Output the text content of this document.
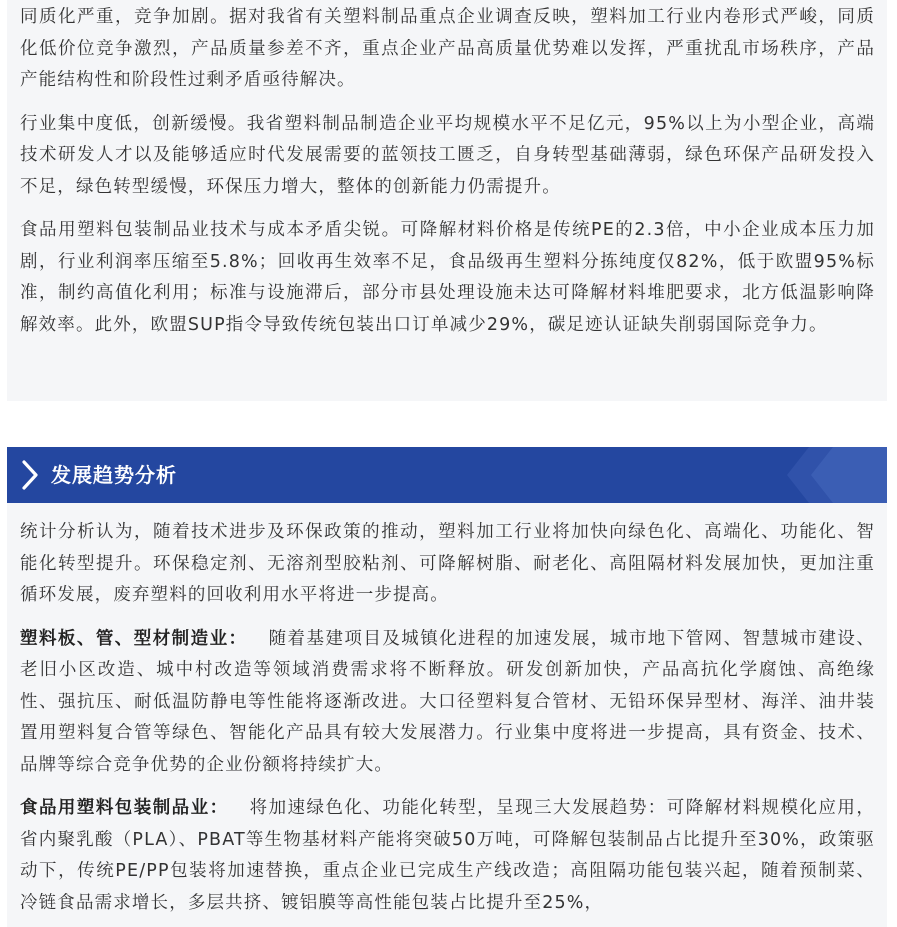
同质化严重，竞争加剧。据对我省有关塑料制品重点企业调查反映，塑料加工行业内卷形式严峻，同质化低价位竞争激烈，产品质量参差不齐，重点企业产品高质量优势难以发挥，严重扰乱市场秩序，产品产能结构性和阶段性过剩矛盾亟待解决。

行业集中度低，创新缓慢。我省塑料制品制造企业平均规模水平不足亿元，95%以上为小型企业，高端技术研发人才以及能够适应时代发展需要的蓝领技工匮乏，自身转型基础薄弱，绿色环保产品研发投入不足，绿色转型缓慢，环保压力增大，整体的创新能力仍需提升。

食品用塑料包装制品业技术与成本矛盾尖锐。可降解材料价格是传统PE的2.3倍，中小企业成本压力加剧，行业利润率压缩至5.8%；回收再生效率不足，食品级再生塑料分拣纯度仅82%，低于欧盟95%标准，制约高值化利用；标准与设施滞后，部分市县处理设施未达可降解材料堆肥要求，北方低温影响降解效率。此外，欧盟SUP指令导致传统包装出口订单减少29%，碳足迹认证缺失削弱国际竞争力。

发展趋势分析

统计分析认为，随着技术进步及环保政策的推动，塑料加工行业将加快向绿色化、高端化、功能化、智能化转型提升。环保稳定剂、无溶剂型胶粘剂、可降解树脂、耐老化、高阻隔材料发展加快，更加注重循环发展，废弃塑料的回收利用水平将进一步提高。

塑料板、管、型材制造业： 随着基建项目及城镇化进程的加速发展，城市地下管网、智慧城市建设、老旧小区改造、城中村改造等领域消费需求将不断释放。研发创新加快，产品高抗化学腐蚀、高绝缘性、强抗压、耐低温防静电等性能将逐渐改进。大口径塑料复合管材、无铅环保异型材、海洋、油井装置用塑料复合管等绿色、智能化产品具有较大发展潜力。行业集中度将进一步提高，具有资金、技术、品牌等综合竞争优势的企业份额将持续扩大。

食品用塑料包装制品业： 将加速绿色化、功能化转型，呈现三大发展趋势：可降解材料规模化应用，省内聚乳酸（PLA）、PBAT等生物基材料产能将突破50万吨，可降解包装制品占比提升至30%，政策驱动下，传统PE/PP包装将加速替换，重点企业已完成生产线改造；高阻隔功能包装兴起，随着预制菜、冷链食品需求增长，多层共挤、镀铝膜等高性能包装占比提升至25%，
